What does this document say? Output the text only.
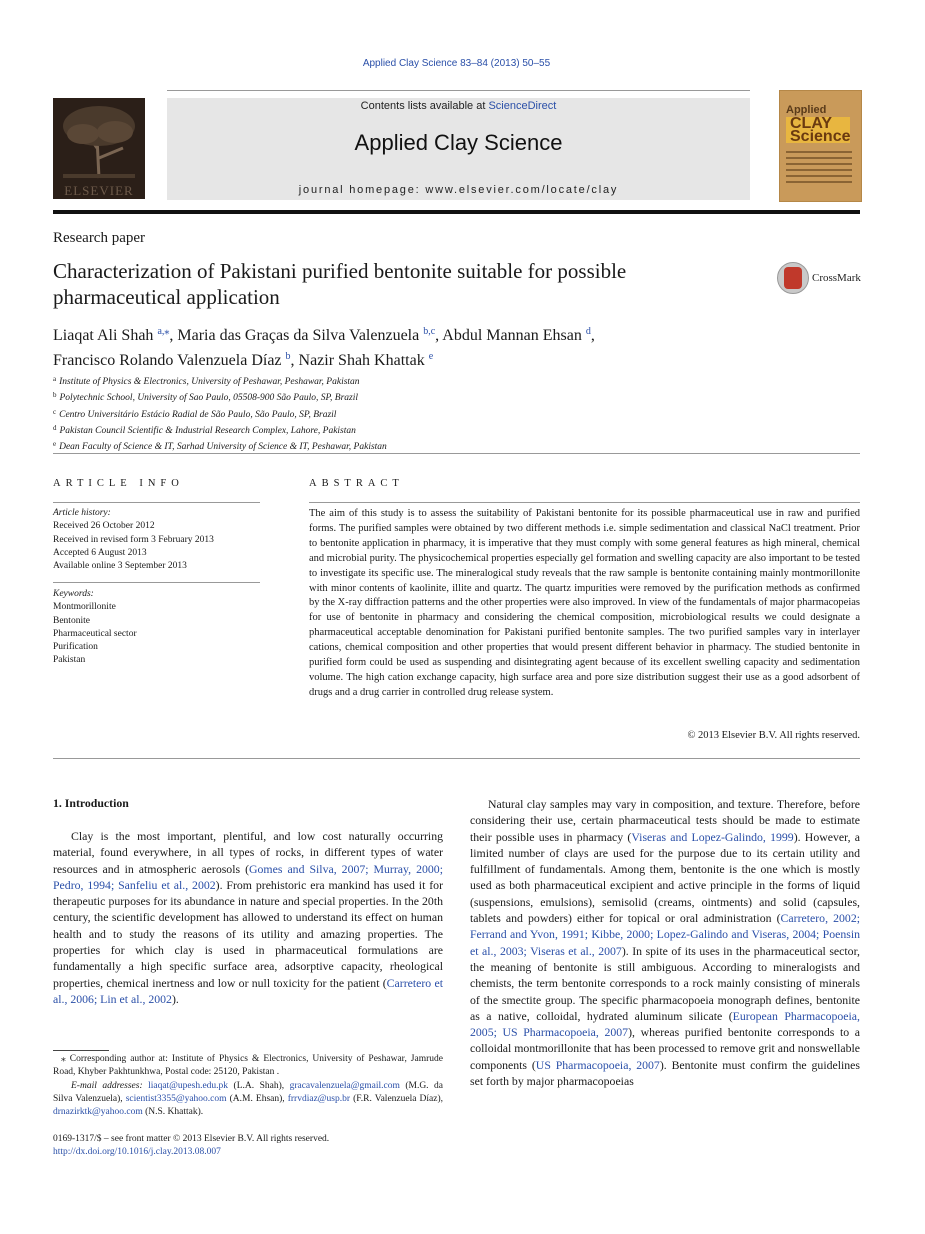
Applied Clay Science 83–84 (2013) 50–55
ELSEVIER
Contents lists available at ScienceDirect
Applied Clay Science
journal homepage: www.elsevier.com/locate/clay
Applied
CLAY Science
Research paper
Characterization of Pakistani purified bentonite suitable for possible pharmaceutical application
CrossMark
Liaqat Ali Shah $^{a,⁎}$, Maria das Graças da Silva Valenzuela $^{b,c}$, Abdul Mannan Ehsan $^d$,
Francisco Rolando Valenzuela Díaz $^b$, Nazir Shah Khattak $^e$
$^a$ Institute of Physics & Electronics, University of Peshawar, Peshawar, Pakistan
$^b$ Polytechnic School, University of Sao Paulo, 05508-900 São Paulo, SP, Brazil
$^c$ Centro Universitário Estácio Radial de São Paulo, São Paulo, SP, Brazil
$^d$ Pakistan Council Scientific & Industrial Research Complex, Lahore, Pakistan
$^e$ Dean Faculty of Science & IT, Sarhad University of Science & IT, Peshawar, Pakistan
ARTICLE INFO	ABSTRACT
Article history:
Received 26 October 2012
Received in revised form 3 February 2013
Accepted 6 August 2013
Available online 3 September 2013
Keywords:
Montmorillonite
Bentonite
Pharmaceutical sector
Purification
Pakistan
The aim of this study is to assess the suitability of Pakistani bentonite for its possible pharmaceutical use in raw and purified forms. The purified samples were obtained by two different methods i.e. simple sedimentation and classical NaCl treatment. Prior to bentonite application in pharmacy, it is imperative that they must comply with some general features as high mineral, chemical and microbial purity. The physicochemical properties especially gel formation and swelling capacity are also important to be tested to investigate its specific use. The mineralogical study reveals that the raw sample is bentonite containing mainly montmorillonite with minor contents of kaolinite, illite and quartz. The quartz impurities were removed by the purification methods as confirmed by the X-ray diffraction patterns and the other properties were also improved. In view of the fundamentals of major pharmacopeias for use of bentonite in pharmacy and considering the chemical composition, microbiological results we could designate a pharmaceutical acceptable denomination for Pakistani purified bentonite samples. The two purified samples vary in interlayer cations, chemical composition and other properties that would present different behavior in pharmacy. The studied bentonite in purified form could be used as suspending and disintegrating agent because of its excellent swelling capacity and sedimentation volume. The high cation exchange capacity, high surface area and pore size distribution suggest their use as a good adsorbent of drugs and a drug carrier in controlled drug release system.
© 2013 Elsevier B.V. All rights reserved.
1. Introduction
Clay is the most important, plentiful, and low cost naturally occurring material, found everywhere, in all types of rocks, in different types of water resources and in atmospheric aerosols (Gomes and Silva, 2007; Murray, 2000; Pedro, 1994; Sanfeliu et al., 2002). From prehistoric era mankind has used it for therapeutic purposes for its abundance in nature and special properties. In the 20th century, the scientific development has allowed to understand its effect on human health and to study the reasons of its utility and amazing properties. The properties for which clay is used in pharmaceutical formulations are fundamentally a high specific surface area, adsorptive capacity, rheological properties, chemical inertness and low or null toxicity for the patient (Carretero et al., 2006; Lin et al., 2002).
Natural clay samples may vary in composition, and texture. Therefore, before considering their use, certain pharmaceutical tests should be made to estimate their possible uses in pharmacy (Viseras and Lopez-Galindo, 1999). However, a limited number of clays are used for the purpose due to its certain utility and fulfillment of fundamentals. Among them, bentonite is the one which is mostly used as both pharmaceutical excipient and active principle in the forms of liquid (suspensions, emulsions), semisolid (creams, ointments) and solid (capsules, tablets and powders) either for topical or oral administration (Carretero, 2002; Ferrand and Yvon, 1991; Kibbe, 2000; Lopez-Galindo and Viseras, 2004; Poensin et al., 2003; Viseras et al., 2007). In spite of its uses in the pharmaceutical sector, the meaning of bentonite is still ambiguous. According to mineralogists and chemists, the term bentonite corresponds to a rock mainly consisting of minerals of the smectite group. The specific pharmacopoeia monograph defines, bentonite as a native, colloidal, hydrated aluminum silicate (European Pharmacopoeia, 2005; US Pharmacopoeia, 2007), whereas purified bentonite corresponds to a colloidal montmorillonite that has been processed to remove grit and nonswellable components (US Pharmacopoeia, 2007). Bentonite must confirm the guidelines set forth by major pharmacopoeias
⁎ Corresponding author at: Institute of Physics & Electronics, University of Peshawar, Jamrude Road, Khyber Pakhtunkhwa, Postal code: 25120, Pakistan .
E-mail addresses: liaqat@upesh.edu.pk (L.A. Shah), gracavalenzuela@gmail.com (M.G. da Silva Valenzuela), scientist3355@yahoo.com (A.M. Ehsan), frrvdiaz@usp.br (F.R. Valenzuela Díaz), drnazirktk@yahoo.com (N.S. Khattak).
0169-1317/$ – see front matter © 2013 Elsevier B.V. All rights reserved.
http://dx.doi.org/10.1016/j.clay.2013.08.007
